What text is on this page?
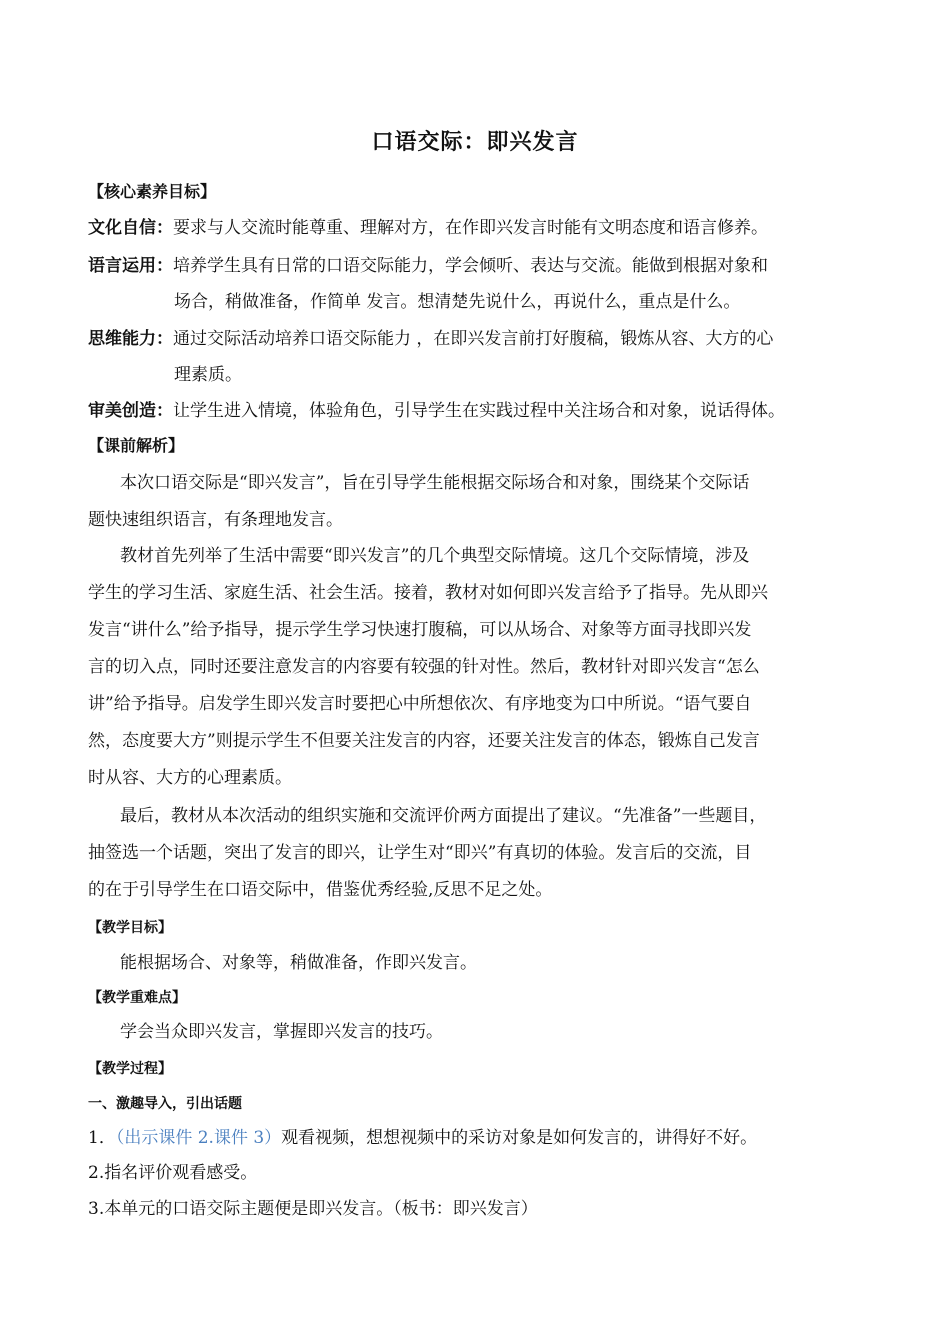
口语交际：即兴发言
【核心素养目标】
文化自信：要求与人交流时能尊重、理解对方，在作即兴发言时能有文明态度和语言修养。
语言运用：培养学生具有日常的口语交际能力，学会倾听、表达与交流。能做到根据对象和
场合，稍做准备，作简单 发言。想清楚先说什么，再说什么，重点是什么。
思维能力：通过交际活动培养口语交际能力 ，在即兴发言前打好腹稿，锻炼从容、大方的心
理素质。
审美创造：让学生进入情境，体验角色，引导学生在实践过程中关注场合和对象，说话得体。
【课前解析】
本次口语交际是“即兴发言”，旨在引导学生能根据交际场合和对象，围绕某个交际话
题快速组织语言，有条理地发言。
教材首先列举了生活中需要“即兴发言”的几个典型交际情境。这几个交际情境，涉及
学生的学习生活、家庭生活、社会生活。接着，教材对如何即兴发言给予了指导。先从即兴
发言“讲什么”给予指导，提示学生学习快速打腹稿，可以从场合、对象等方面寻找即兴发
言的切入点，同时还要注意发言的内容要有较强的针对性。然后，教材针对即兴发言“怎么
讲”给予指导。启发学生即兴发言时要把心中所想依次、有序地变为口中所说。“语气要自
然，态度要大方”则提示学生不但要关注发言的内容，还要关注发言的体态，锻炼自己发言
时从容、大方的心理素质。
最后，教材从本次活动的组织实施和交流评价两方面提出了建议。“先准备”一些题目，
抽签选一个话题，突出了发言的即兴，让学生对“即兴”有真切的体验。发言后的交流，目
的在于引导学生在口语交际中，借鉴优秀经验,反思不足之处。
【教学目标】
能根据场合、对象等，稍做准备，作即兴发言。
【教学重难点】
学会当众即兴发言，掌握即兴发言的技巧。
【教学过程】
一、激趣导入，引出话题
1．（出示课件 2.课件 3）观看视频，想想视频中的采访对象是如何发言的，讲得好不好。
2.指名评价观看感受。
3.本单元的口语交际主题便是即兴发言。（板书：即兴发言）
